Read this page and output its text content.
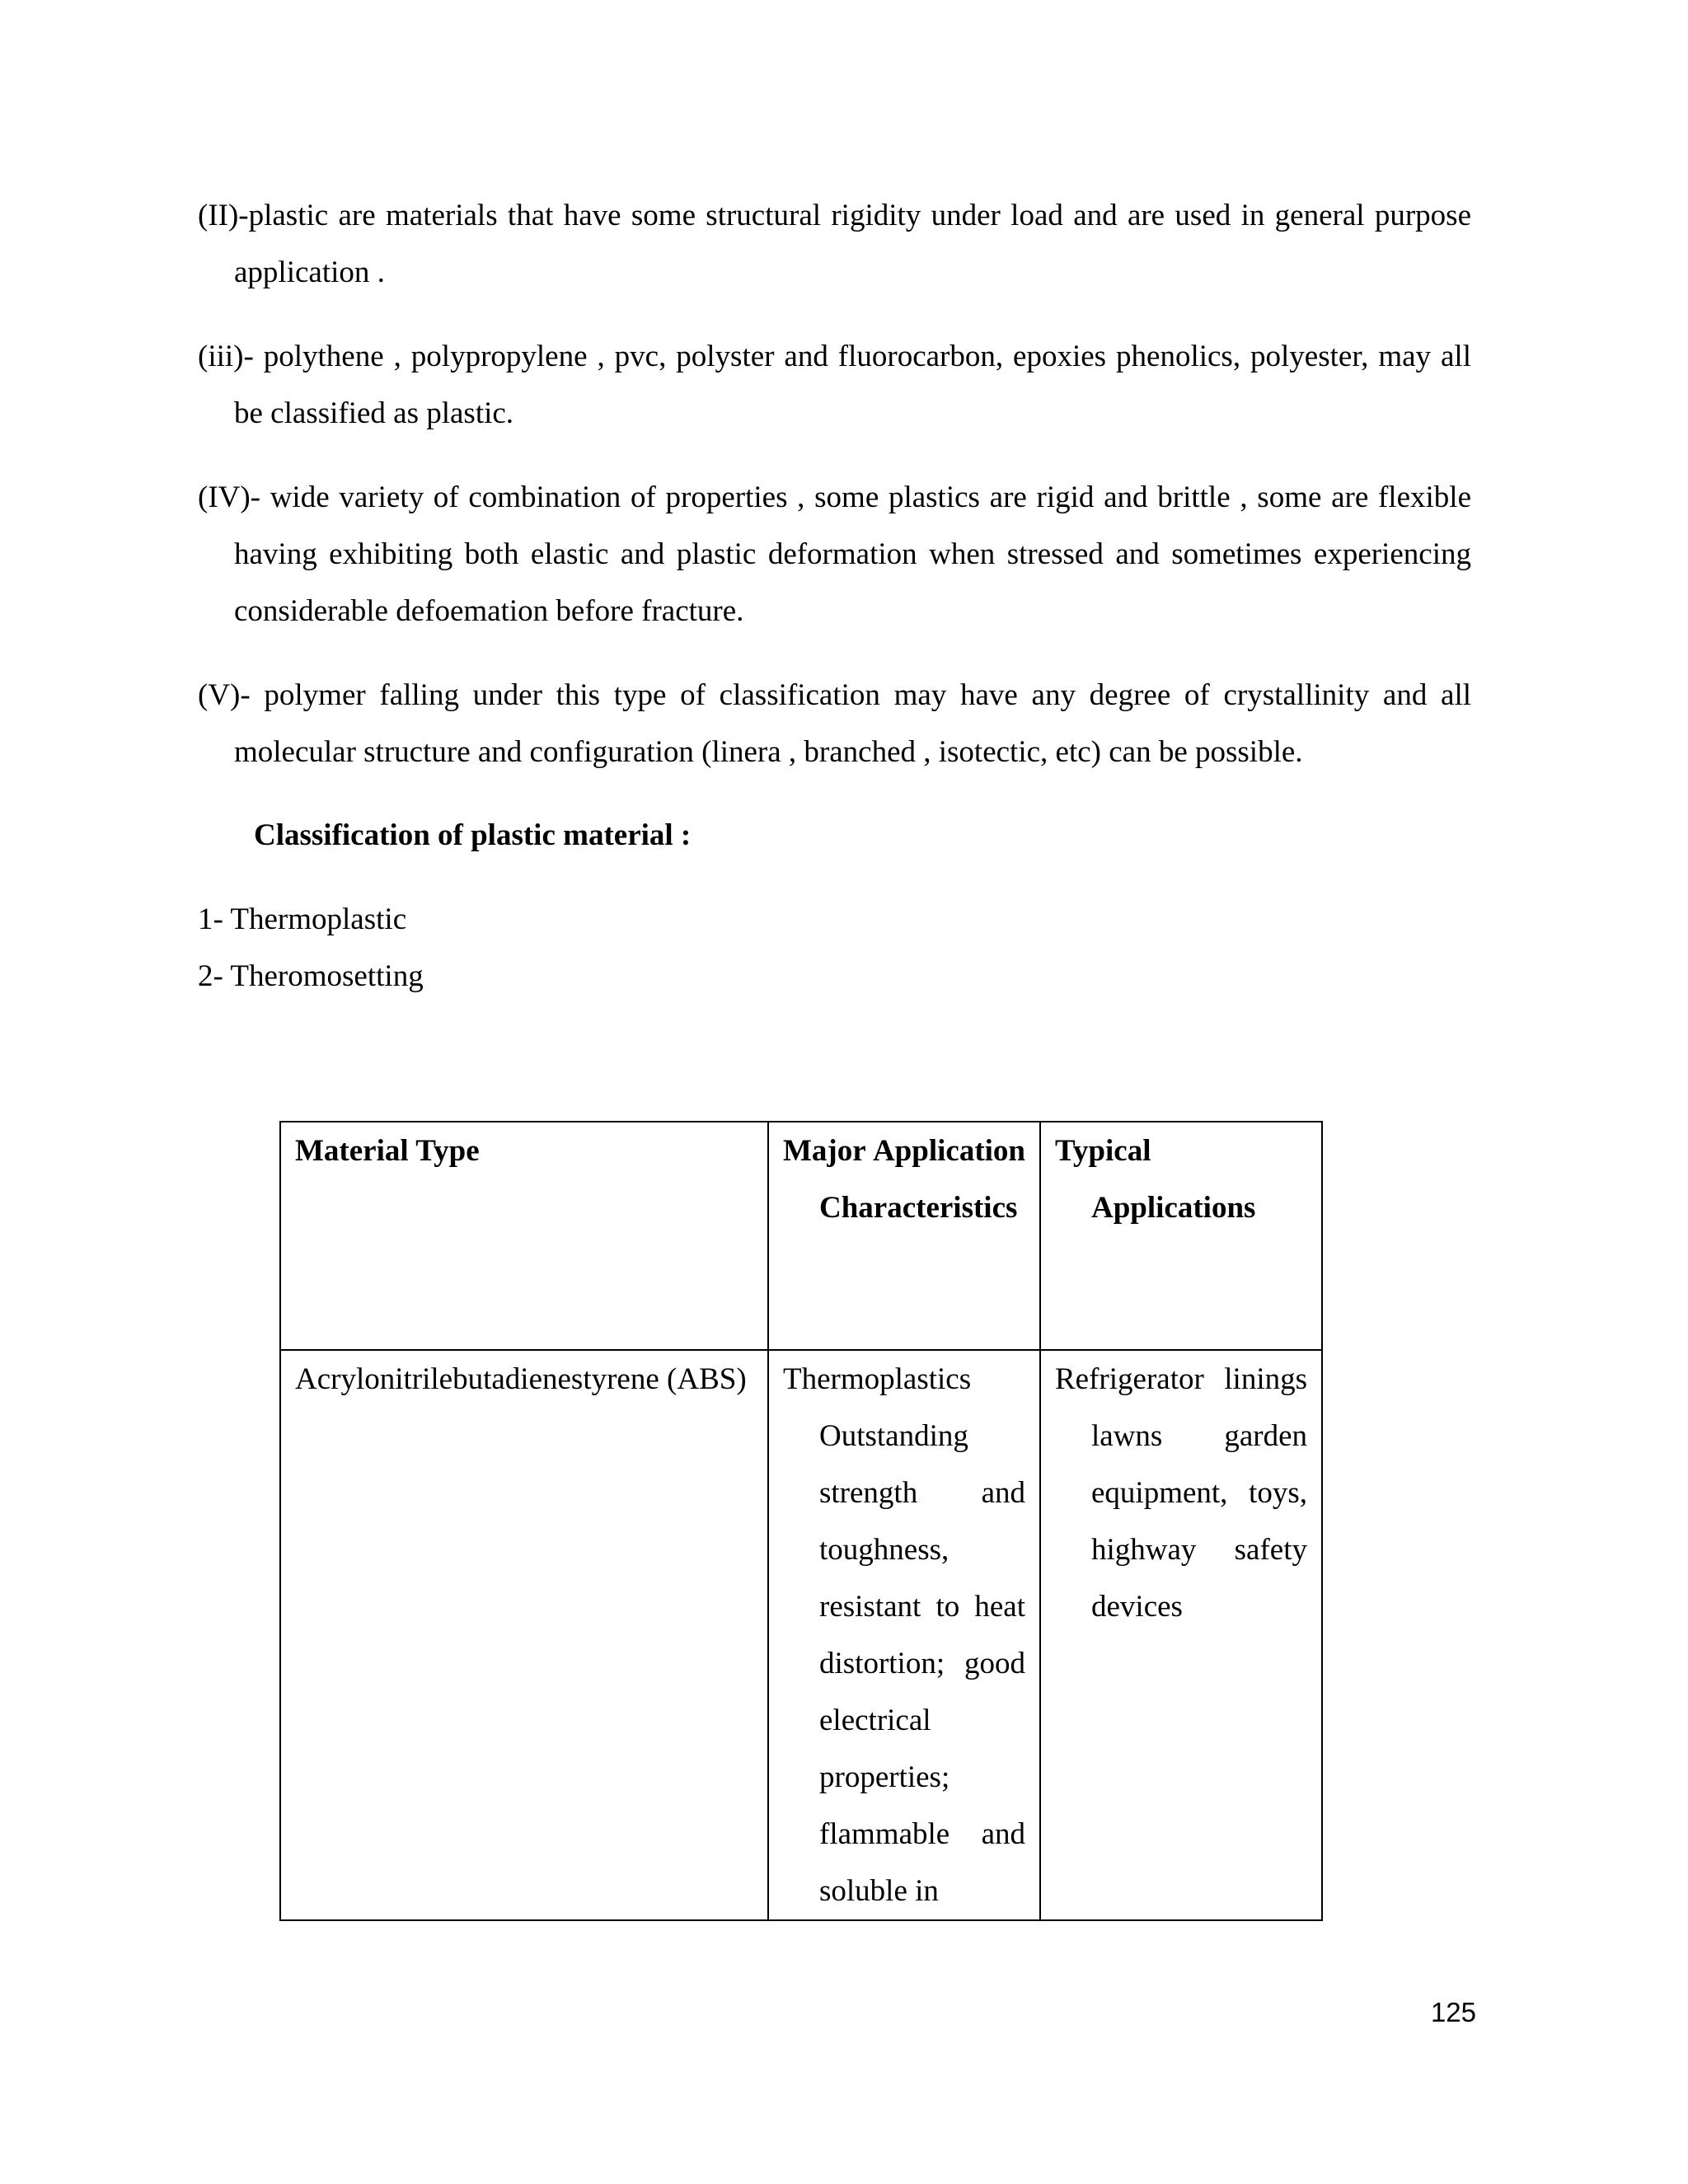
(II)-plastic are materials that have some structural rigidity under load and are used in general purpose application .
(iii)- polythene , polypropylene , pvc, polyster and fluorocarbon, epoxies phenolics, polyester, may all be classified as plastic.
(IV)- wide variety of combination of properties , some plastics are rigid and brittle , some are flexible having exhibiting both elastic and plastic deformation when stressed and sometimes experiencing considerable defoemation before fracture.
(V)- polymer falling under this type of classification may have any degree of crystallinity and all molecular structure and configuration (linera , branched , isotectic, etc) can be possible.
Classification of plastic material :
1- Thermoplastic
2- Theromosetting
Material Type	Major Application Characteristics	Typical Applications

Acrylonitrilebutadienestyrene (ABS)	Thermoplastics Outstanding strength and toughness, resistant to heat distortion; good electrical properties; flammable and soluble in	Refrigerator linings lawns garden equipment, toys, highway safety devices
125
